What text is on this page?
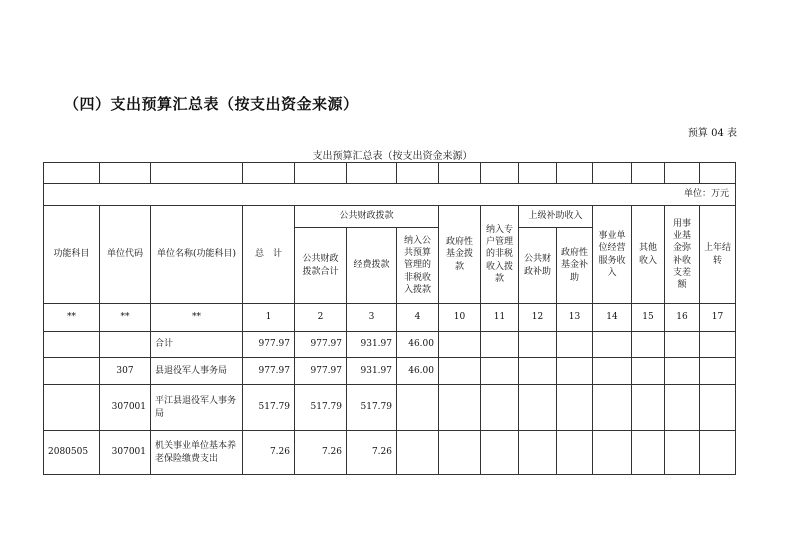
（四）支出预算汇总表（按支出资金来源）
预算 04 表
支出预算汇总表（按支出资金来源）

单位：万元														
功能科目	单位代码	单位名称(功能科目)	总　计	公共财政拨款			政府性基金拨款	纳入专户管理的非税收入拨款	上级补助收入		事业单位经营服务收入	其他收入	用事业基金弥补收支差额	上年结转
				公共财政拨款合计	经费拨款	纳入公共预算管理的非税收入拨款			公共财政补助	政府性基金补助				
**	**	**	1	2	3	4	10	11	12	13	14	15	16	17
		合计	977.97	977.97	931.97	46.00								
	307	县退役军人事务局	977.97	977.97	931.97	46.00								
	307001	平江县退役军人事务局	517.79	517.79	517.79									
2080505	307001	机关事业单位基本养老保险缴费支出	7.26	7.26	7.26									
